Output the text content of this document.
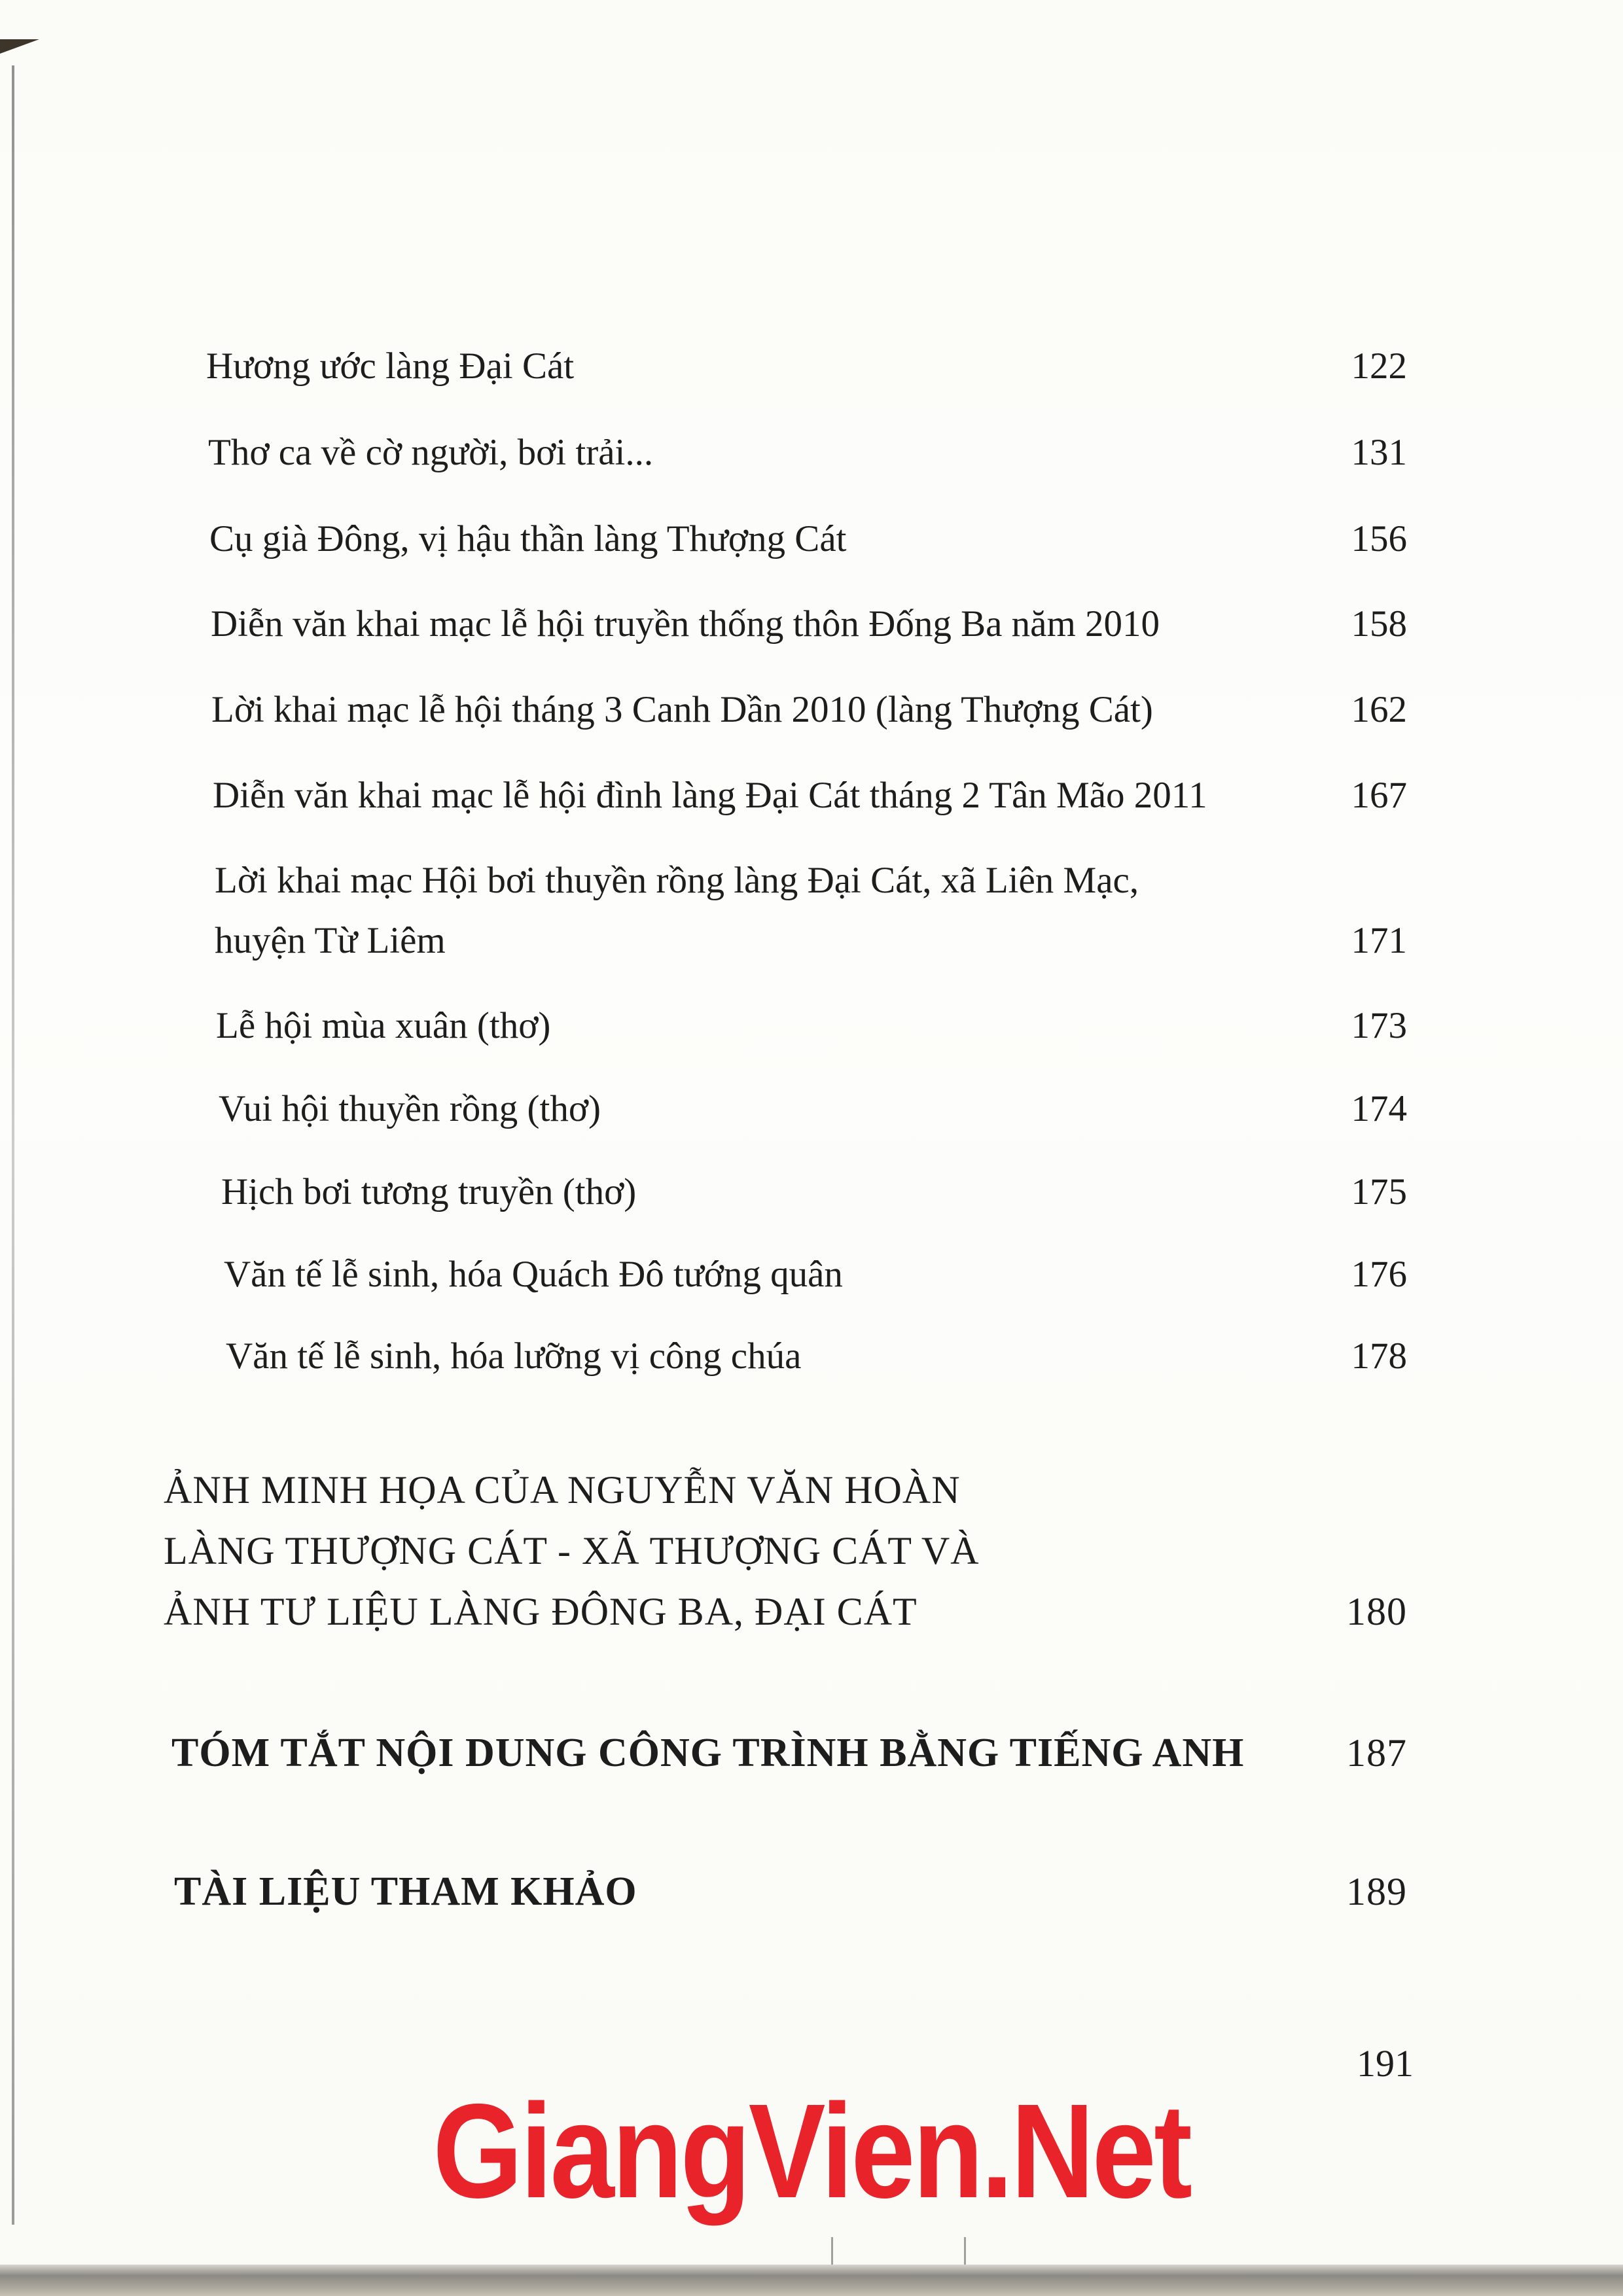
Hương ước làng Đại Cát	122
Thơ ca về cờ người, bơi trải...	131
Cụ già Đông, vị hậu thần làng Thượng Cát	156
Diễn văn khai mạc lễ hội truyền thống thôn Đống Ba năm 2010	158
Lời khai mạc lễ hội tháng 3 Canh Dần 2010 (làng Thượng Cát)	162
Diễn văn khai mạc lễ hội đình làng Đại Cát tháng 2 Tân Mão 2011	167
Lời khai mạc Hội bơi thuyền rồng làng Đại Cát, xã Liên Mạc,
huyện Từ Liêm	171
Lễ hội mùa xuân (thơ)	173
Vui hội thuyền rồng (thơ)	174
Hịch bơi tương truyền (thơ)	175
Văn tế lễ sinh, hóa Quách Đô tướng quân	176
Văn tế lễ sinh, hóa lưỡng vị công chúa	178
ẢNH MINH HỌA CỦA NGUYỄN VĂN HOÀN
LÀNG THƯỢNG CÁT - XÃ THƯỢNG CÁT VÀ
ẢNH TƯ LIỆU LÀNG ĐÔNG BA, ĐẠI CÁT	180
TÓM TẮT NỘI DUNG CÔNG TRÌNH BẰNG TIẾNG ANH	187
TÀI LIỆU THAM KHẢO	189
191
GiangVien.Net
